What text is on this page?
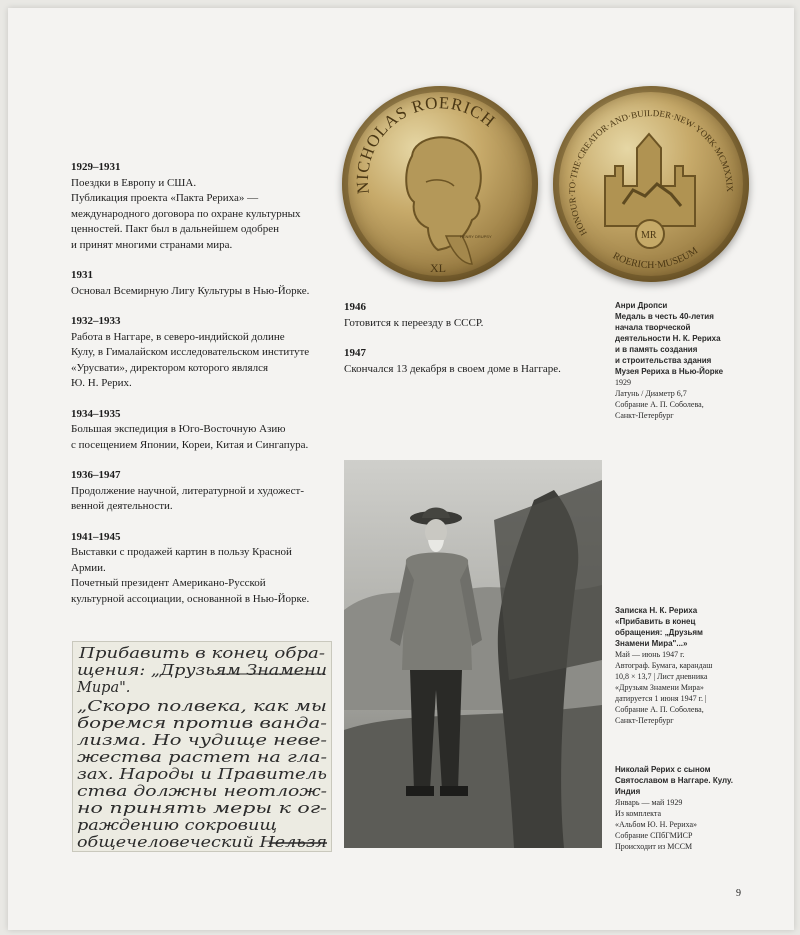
NICHOLAS ROERICH
XL
HENRY DRUPSY	HONOUR·TO·THE·CREATOR·AND·BUILDER·NEW·YORK·MCMXXIX
ROERICH·MUSEUM
MR

1929–1931

Поездки в Европу и США.

Публикация проекта «Пакта Рериха» —

международного договора по охране культурных

ценностей. Пакт был в дальнейшем одобрен

и принят многими странами мира.

1931

Основал Всемирную Лигу Культуры в Нью-Йорке.

1932–1933

Работа в Наггаре, в северо-индийской долине

Кулу, в Гималайском исследовательском институте

«Урусвати», директором которого являлся

Ю. Н. Рерих.

1934–1935

Большая экспедиция в Юго-Восточную Азию

с посещением Японии, Кореи, Китая и Сингапура.

1936–1947

Продолжение научной, литературной и художест-

венной деятельности.

1941–1945

Выставки с продажей картин в пользу Красной

Армии.

Почетный президент Американо-Русской

культурной ассоциации, основанной в Нью-Йорке.

1946

Готовится к переезду в СССР.

1947

Скончался 13 декабря в своем доме в Наггаре.

Анри Дропси
Медаль в честь 40-летия
начала творческой
деятельности Н. К. Рериха
и в память создания
и строительства здания
Музея Рериха в Нью-Йорке
1929
Латунь / Диаметр 6,7
Собрание А. П. Соболева,
Санкт-Петербург
Записка Н. К. Рериха
«Прибавить в конец
обращения: „Друзьям
Знамени Мира"...»
Май — июнь 1947 г.
Автограф. Бумага, карандаш
10,8 × 13,7 | Лист дневника
«Друзьям Знамени Мира»
датируется 1 июня 1947 г. |
Собрание А. П. Соболева,
Санкт-Петербург
Николай Рерих с сыном
Святославом в Наггаре. Кулу.
Индия
Январь — май 1929
Из комплекта
«Альбом Ю. Н. Рериха»
Собрание СПбГМИСР
Происходит из МССМ
Прибавить в конец обра-
щения: „Друзьям Знамени
Мира".
„Скоро полвека, как мы
боремся против ванда-
лизма. Но чудище неве-
жества растет на гла-
зах. Народы и Правитель
ства должны неотлож-
но принять меры к ог-
раждению сокровищ
общечеловеческий Нельзя
9
